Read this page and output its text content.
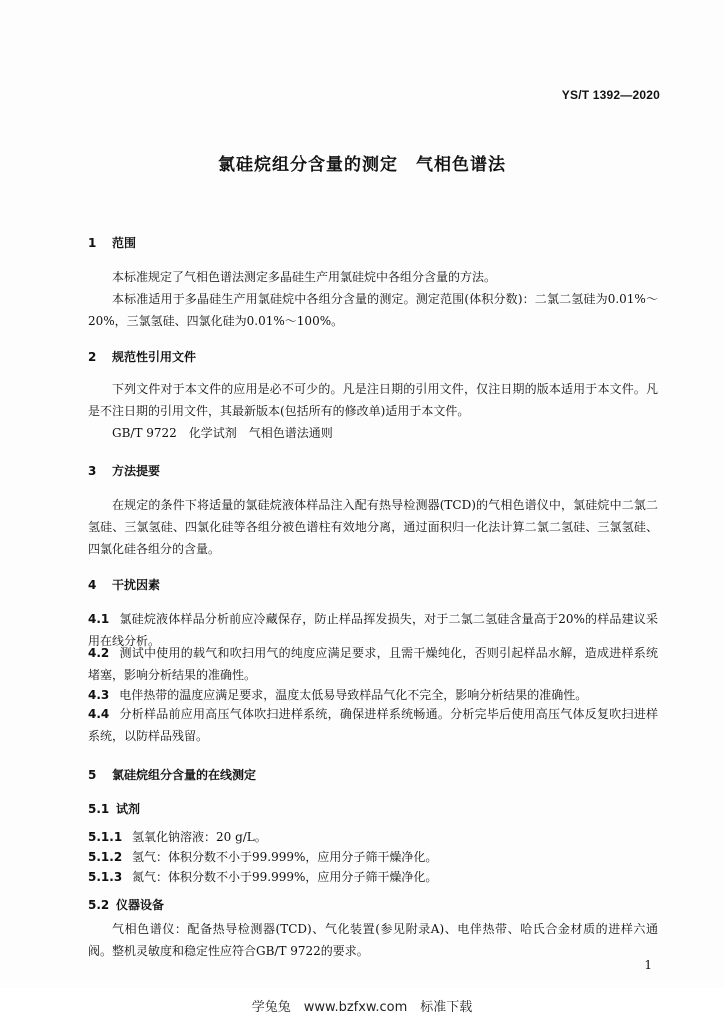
YS/T 1392—2020
氯硅烷组分含量的测定　气相色谱法
1 范围
本标准规定了气相色谱法测定多晶硅生产用氯硅烷中各组分含量的方法。
本标准适用于多晶硅生产用氯硅烷中各组分含量的测定。测定范围(体积分数)：二氯二氢硅为0.01%～20%，三氯氢硅、四氯化硅为0.01%～100%。
2 规范性引用文件
下列文件对于本文件的应用是必不可少的。凡是注日期的引用文件，仅注日期的版本适用于本文件。凡是不注日期的引用文件，其最新版本(包括所有的修改单)适用于本文件。
GB/T 9722　化学试剂　气相色谱法通则
3 方法提要
在规定的条件下将适量的氯硅烷液体样品注入配有热导检测器(TCD)的气相色谱仪中，氯硅烷中二氯二氢硅、三氯氢硅、四氯化硅等各组分被色谱柱有效地分离，通过面积归一化法计算二氯二氢硅、三氯氢硅、四氯化硅各组分的含量。
4 干扰因素
4.1 氯硅烷液体样品分析前应冷藏保存，防止样品挥发损失，对于二氯二氢硅含量高于20%的样品建议采用在线分析。
4.2 测试中使用的载气和吹扫用气的纯度应满足要求，且需干燥纯化，否则引起样品水解，造成进样系统堵塞，影响分析结果的准确性。
4.3 电伴热带的温度应满足要求，温度太低易导致样品气化不完全，影响分析结果的准确性。
4.4 分析样品前应用高压气体吹扫进样系统，确保进样系统畅通。分析完毕后使用高压气体反复吹扫进样系统，以防样品残留。
5 氯硅烷组分含量的在线测定
5.1 试剂
5.1.1 氢氧化钠溶液：20 g/L。
5.1.2 氢气：体积分数不小于99.999%，应用分子筛干燥净化。
5.1.3 氮气：体积分数不小于99.999%，应用分子筛干燥净化。
5.2 仪器设备
气相色谱仪：配备热导检测器(TCD)、气化装置(参见附录A)、电伴热带、哈氏合金材质的进样六通阀。整机灵敏度和稳定性应符合GB/T 9722的要求。
1
学兔兔　www.bzfxw.com　标准下载
